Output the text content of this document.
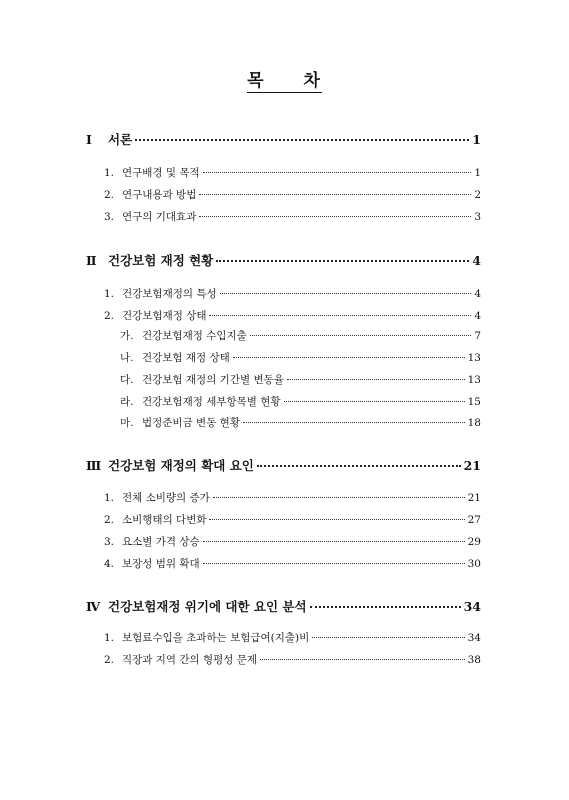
목 차
Ⅰ	서론	1
1. 연구배경 및 목적	1
2. 연구내용과 방법	2
3. 연구의 기대효과	3
Ⅱ 건강보험 재정 현황	4
1. 건강보험재정의 특성	4
2. 건강보험재정 상태	4
가. 건강보험재정 수입지출	7
나. 건강보험 재정 상태	13
다. 건강보험 재정의 기간별 변동율	13
라. 건강보험재정 세부항목별 현황	15
마. 법정준비금 변동 현황	18
Ⅲ 건강보험 재정의 확대 요인	21
1. 전체 소비량의 증가	21
2. 소비행태의 다변화	27
3. 요소별 가격 상승	29
4. 보장성 범위 확대	30
Ⅳ 건강보험재정 위기에 대한 요인 분석	34
1. 보험료수입을 초과하는 보험급여(지출)비	34
2. 직장과 지역 간의 형평성 문제	38
